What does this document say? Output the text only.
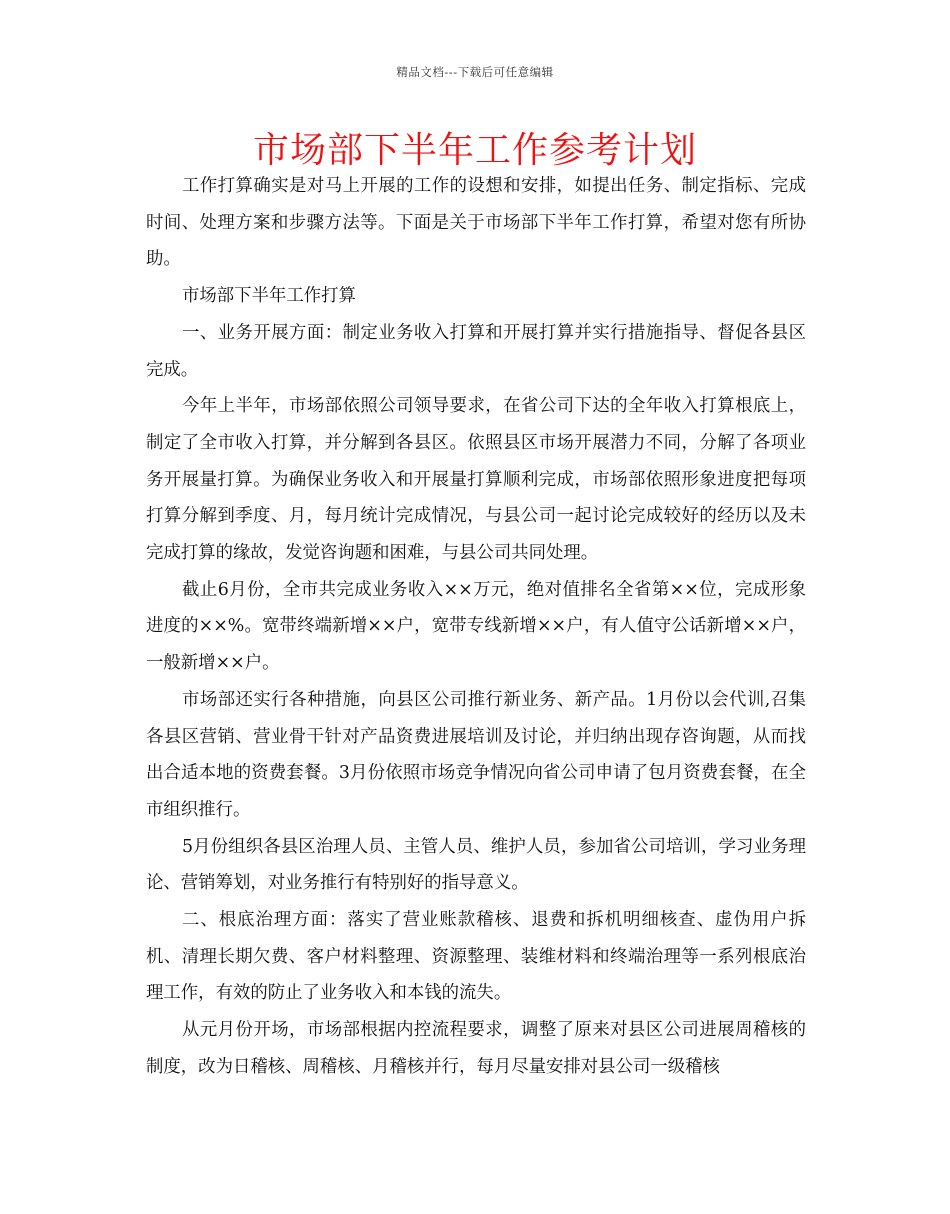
精品文档---下载后可任意编辑
市场部下半年工作参考计划

工作打算确实是对马上开展的工作的设想和安排，如提出任务、制定指标、完成时间、处理方案和步骤方法等。下面是关于市场部下半年工作打算，希望对您有所协助。

市场部下半年工作打算

一、业务开展方面：制定业务收入打算和开展打算并实行措施指导、督促各县区完成。

今年上半年，市场部依照公司领导要求，在省公司下达的全年收入打算根底上，制定了全市收入打算，并分解到各县区。依照县区市场开展潜力不同，分解了各项业务开展量打算。为确保业务收入和开展量打算顺利完成，市场部依照形象进度把每项打算分解到季度、月，每月统计完成情况，与县公司一起讨论完成较好的经历以及未完成打算的缘故，发觉咨询题和困难，与县公司共同处理。

截止6月份，全市共完成业务收入××万元，绝对值排名全省第××位，完成形象进度的××%。宽带终端新增××户，宽带专线新增××户，有人值守公话新增××户，一般新增××户。

市场部还实行各种措施，向县区公司推行新业务、新产品。1月份以会代训,召集各县区营销、营业骨干针对产品资费进展培训及讨论，并归纳出现存咨询题，从而找出合适本地的资费套餐。3月份依照市场竞争情况向省公司申请了包月资费套餐，在全市组织推行。

5月份组织各县区治理人员、主管人员、维护人员，参加省公司培训，学习业务理论、营销筹划，对业务推行有特别好的指导意义。

二、根底治理方面：落实了营业账款稽核、退费和拆机明细核查、虚伪用户拆机、清理长期欠费、客户材料整理、资源整理、装维材料和终端治理等一系列根底治理工作，有效的防止了业务收入和本钱的流失。

从元月份开场，市场部根据内控流程要求，调整了原来对县区公司进展周稽核的制度，改为日稽核、周稽核、月稽核并行，每月尽量安排对县公司一级稽核
